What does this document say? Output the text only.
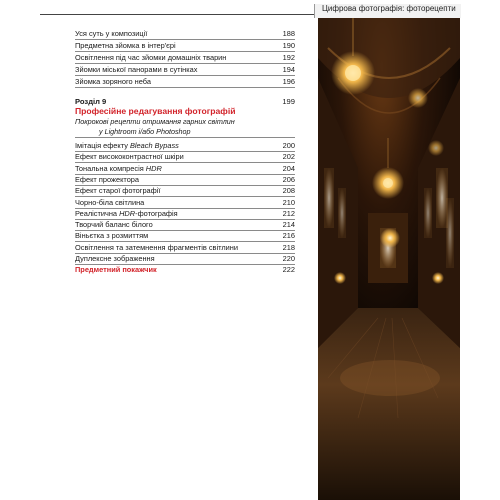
Цифрова фотографія: фоторецепти
Уся суть у композиції	188
Предметна зйомка в інтер'єрі	190
Освітлення під час зйомки домашніх тварин	192
Зйомки міської панорами в сутінках	194
Зйомка зоряного неба	196
Розділ 9	199
Професійне редагування фотографій
Покрокові рецепти отримання гарних світлин
у Lightroom і/або Photoshop
Імітація ефекту Bleach Bypass	200
Ефект висококонтрастної шкіри	202
Тональна компресія HDR	204
Ефект прожектора	206
Ефект старої фотографії	208
Чорно-біла світлина	210
Реалістична HDR-фотографія	212
Творчий баланс білого	214
Віньєтка з розмиттям	216
Освітлення та затемнення фрагментів світлини	218
Дуплексне зображення	220
Предметний покажчик	222
